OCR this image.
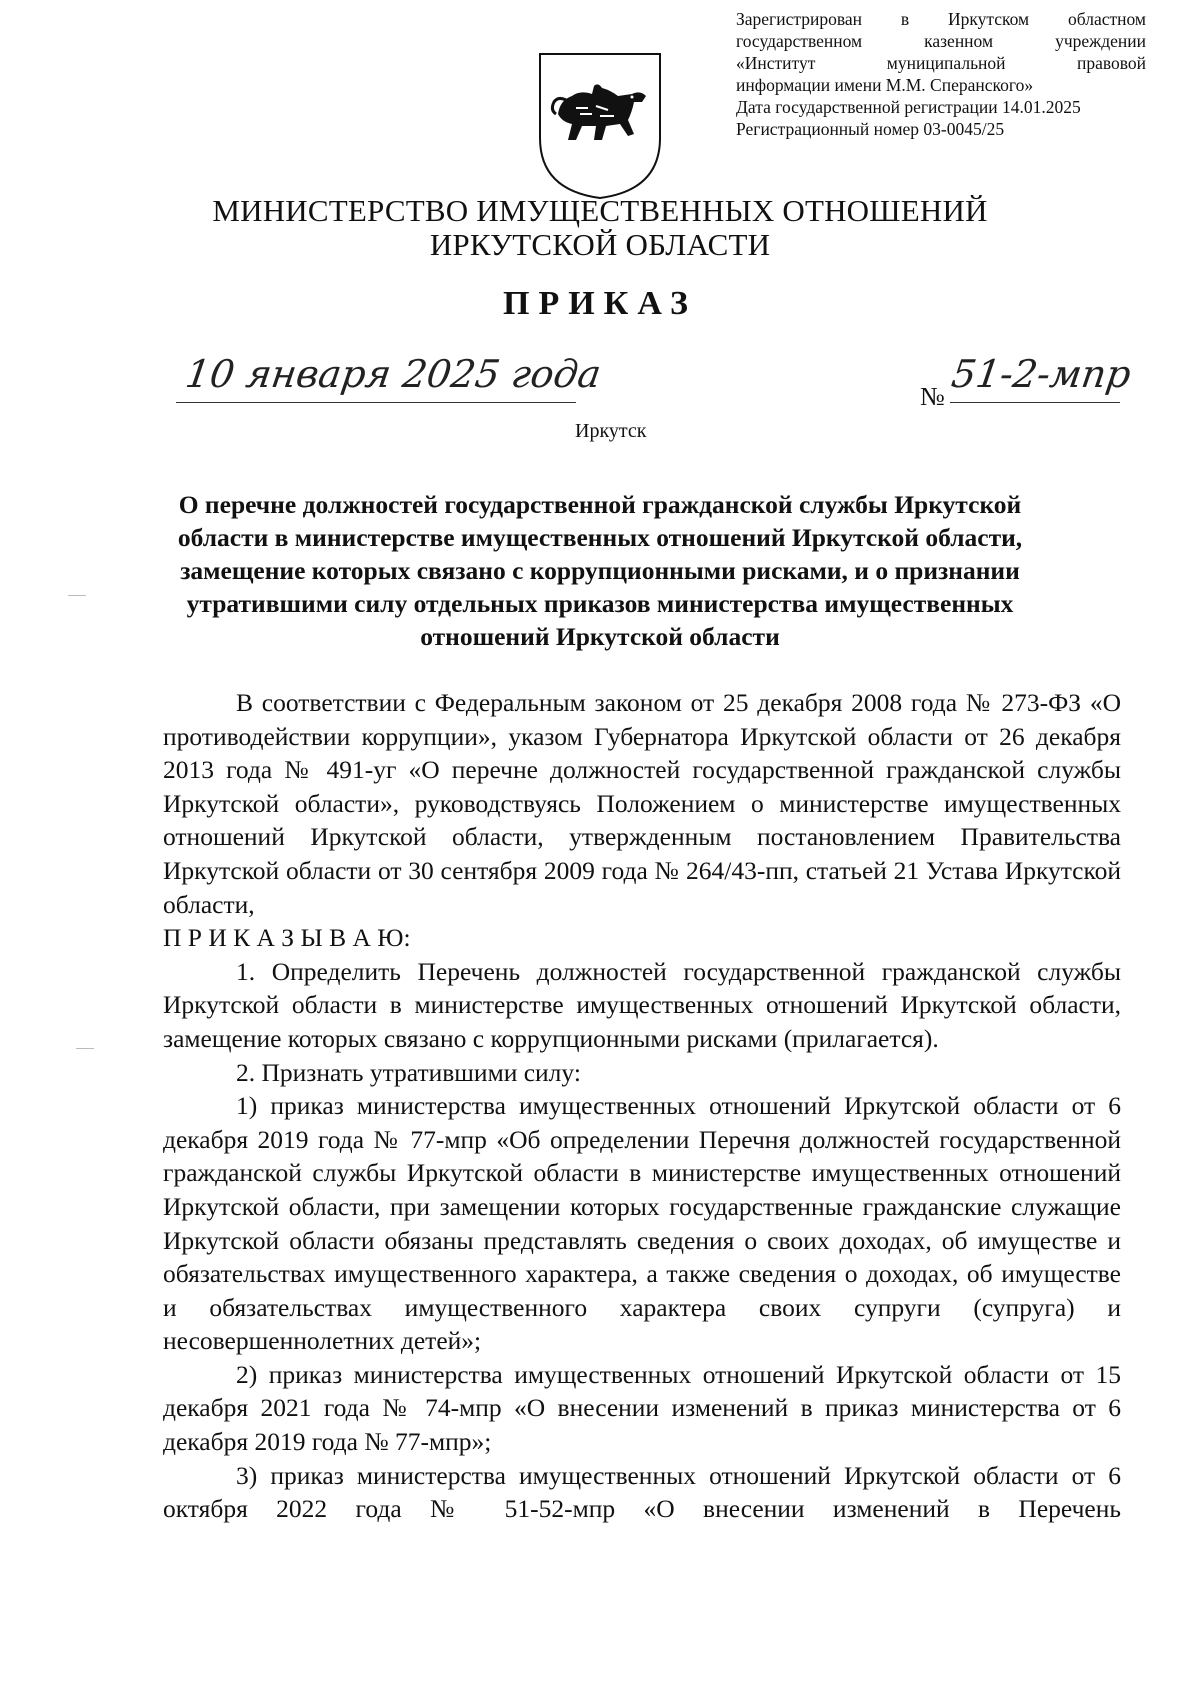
Зарегистрирован в Иркутском областном
государственном казенном учреждении
«Институт муниципальной правовой
информации имени М.М. Сперанского»
Дата государственной регистрации 14.01.2025
Регистрационный номер 03-0045/25
МИНИСТЕРСТВО ИМУЩЕСТВЕННЫХ ОТНОШЕНИЙ
ИРКУТСКОЙ ОБЛАСТИ
ПРИКАЗ
10 января 2025 года
№
51-2-мпр
Иркутск
О перечне должностей государственной гражданской службы Иркутской
области в министерстве имущественных отношений Иркутской области,
замещение которых связано с коррупционными рисками, и о признании
утратившими силу отдельных приказов министерства имущественных
отношений Иркутской области

В соответствии с Федеральным законом от 25 декабря 2008 года № 273-ФЗ «О противодействии коррупции», указом Губернатора Иркутской области от 26 декабря 2013 года № 491-уг «О перечне должностей государственной гражданской службы Иркутской области», руководствуясь Положением о министерстве имущественных отношений Иркутской области, утвержденным постановлением Правительства Иркутской области от 30 сентября 2009 года № 264/43-пп, статьей 21 Устава Иркутской области,

П Р И К А З Ы В А Ю:

1. Определить Перечень должностей государственной гражданской службы Иркутской области в министерстве имущественных отношений Иркутской области, замещение которых связано с коррупционными рисками (прилагается).

2. Признать утратившими силу:

1) приказ министерства имущественных отношений Иркутской области от 6 декабря 2019 года № 77-мпр «Об определении Перечня должностей государственной гражданской службы Иркутской области в министерстве имущественных отношений Иркутской области, при замещении которых государственные гражданские служащие Иркутской области обязаны представлять сведения о своих доходах, об имуществе и обязательствах имущественного характера, а также сведения о доходах, об имуществе и обязательствах имущественного характера своих супруги (супруга) и несовершеннолетних детей»;

2) приказ министерства имущественных отношений Иркутской области от 15 декабря 2021 года № 74-мпр «О внесении изменений в приказ министерства от 6 декабря 2019 года № 77-мпр»;

3) приказ министерства имущественных отношений Иркутской области от 6 октября 2022 года № 51-52-мпр «О внесении изменений в Перечень
